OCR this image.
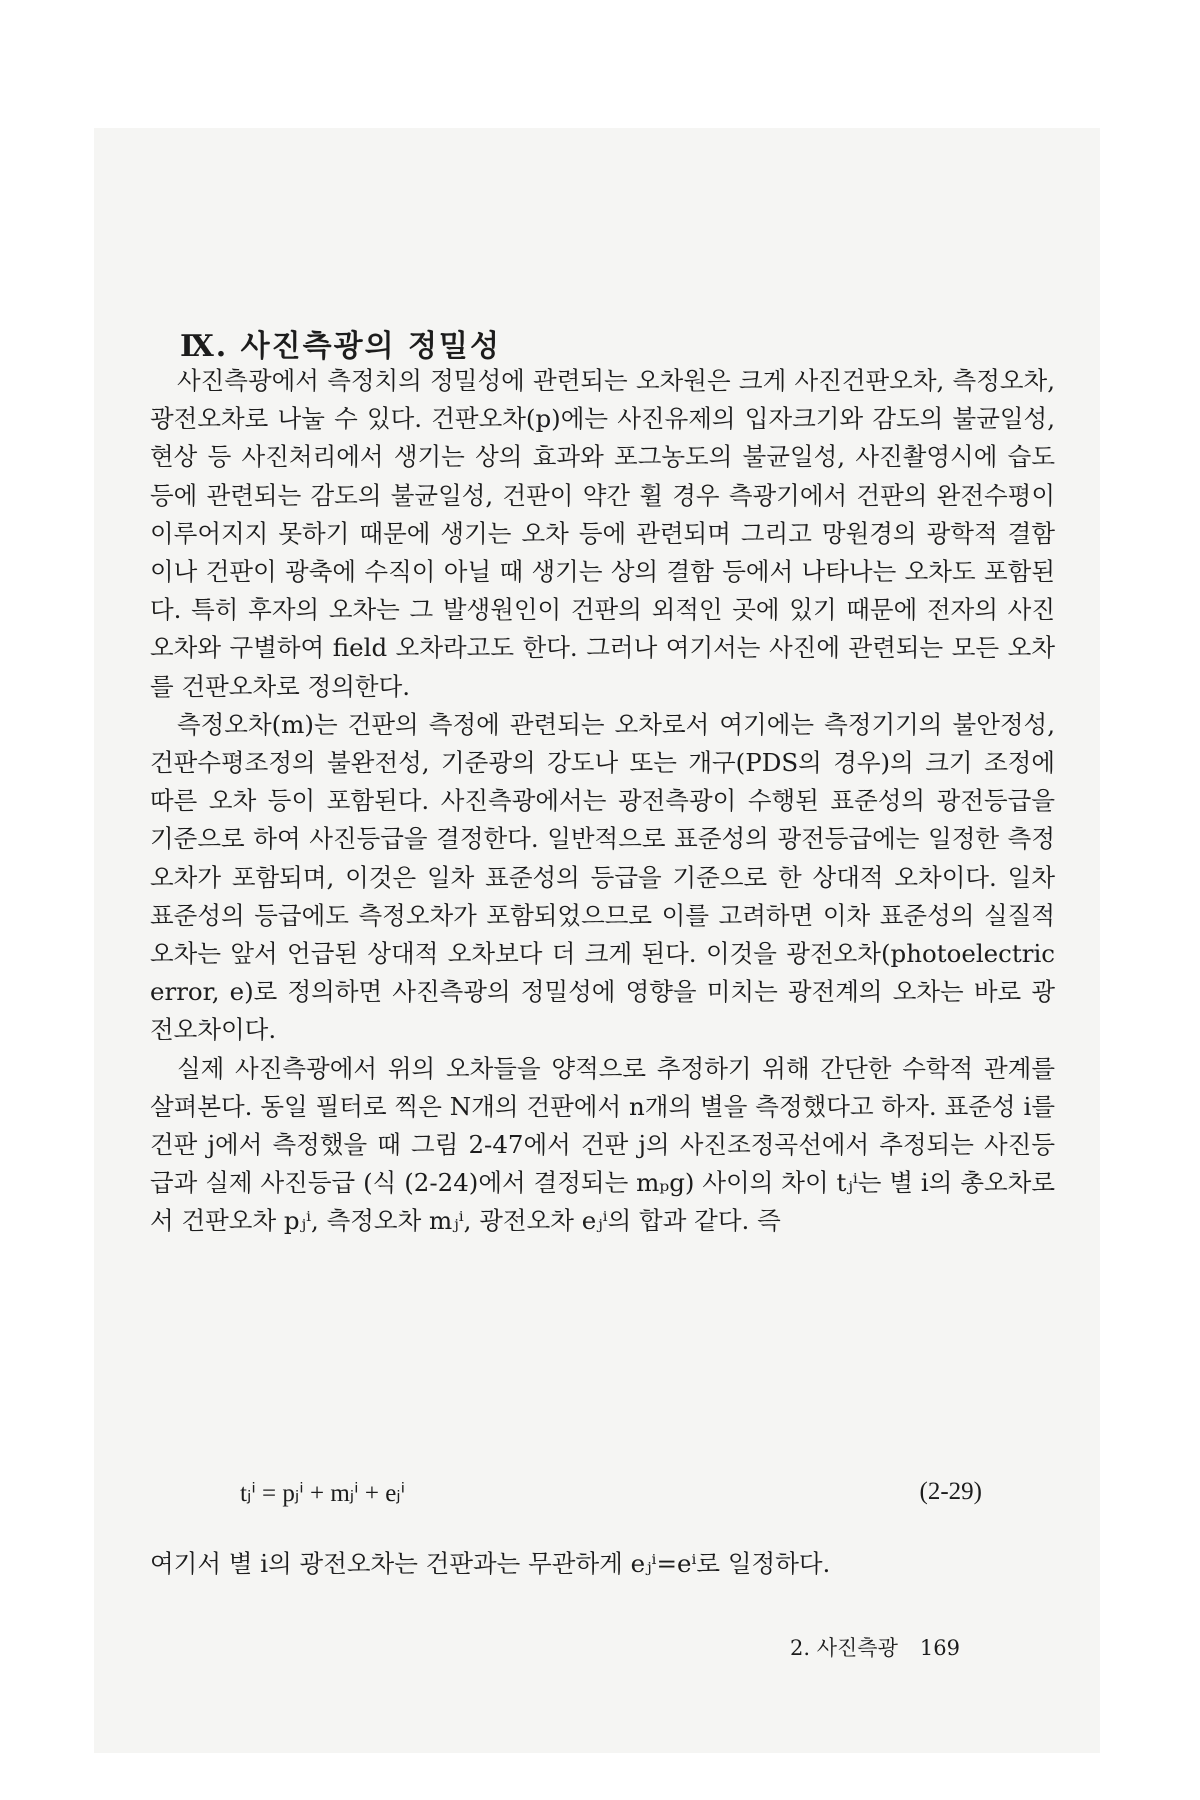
Ⅸ. 사진측광의 정밀성

사진측광에서 측정치의 정밀성에 관련되는 오차원은 크게 사진건판오차, 측정오차, 광전오차로 나눌 수 있다. 건판오차(p)에는 사진유제의 입자크기와 감도의 불균일성, 현상 등 사진처리에서 생기는 상의 효과와 포그농도의 불균일성, 사진촬영시에 습도 등에 관련되는 감도의 불균일성, 건판이 약간 휠 경우 측광기에서 건판의 완전수평이 이루어지지 못하기 때문에 생기는 오차 등에 관련되며 그리고 망원경의 광학적 결함이나 건판이 광축에 수직이 아닐 때 생기는 상의 결함 등에서 나타나는 오차도 포함된다. 특히 후자의 오차는 그 발생원인이 건판의 외적인 곳에 있기 때문에 전자의 사진오차와 구별하여 field 오차라고도 한다. 그러나 여기서는 사진에 관련되는 모든 오차를 건판오차로 정의한다.

측정오차(m)는 건판의 측정에 관련되는 오차로서 여기에는 측정기기의 불안정성, 건판수평조정의 불완전성, 기준광의 강도나 또는 개구(PDS의 경우)의 크기 조정에 따른 오차 등이 포함된다. 사진측광에서는 광전측광이 수행된 표준성의 광전등급을 기준으로 하여 사진등급을 결정한다. 일반적으로 표준성의 광전등급에는 일정한 측정오차가 포함되며, 이것은 일차 표준성의 등급을 기준으로 한 상대적 오차이다. 일차 표준성의 등급에도 측정오차가 포함되었으므로 이를 고려하면 이차 표준성의 실질적 오차는 앞서 언급된 상대적 오차보다 더 크게 된다. 이것을 광전오차(photoelectric error, e)로 정의하면 사진측광의 정밀성에 영향을 미치는 광전계의 오차는 바로 광전오차이다.

실제 사진측광에서 위의 오차들을 양적으로 추정하기 위해 간단한 수학적 관계를 살펴본다. 동일 필터로 찍은 N개의 건판에서 n개의 별을 측정했다고 하자. 표준성 i를 건판 j에서 측정했을 때 그림 2-47에서 건판 j의 사진조정곡선에서 추정되는 사진등급과 실제 사진등급 (식 (2-24)에서 결정되는 mₚg) 사이의 차이 tⱼⁱ는 별 i의 총오차로서 건판오차 pⱼⁱ, 측정오차 mⱼⁱ, 광전오차 eⱼⁱ의 합과 같다. 즉

tⱼⁱ = pⱼⁱ + mⱼⁱ + eⱼⁱ	(2-29)
여기서 별 i의 광전오차는 건판과는 무관하게 eⱼⁱ=eⁱ로 일정하다.
2. 사진측광 169
